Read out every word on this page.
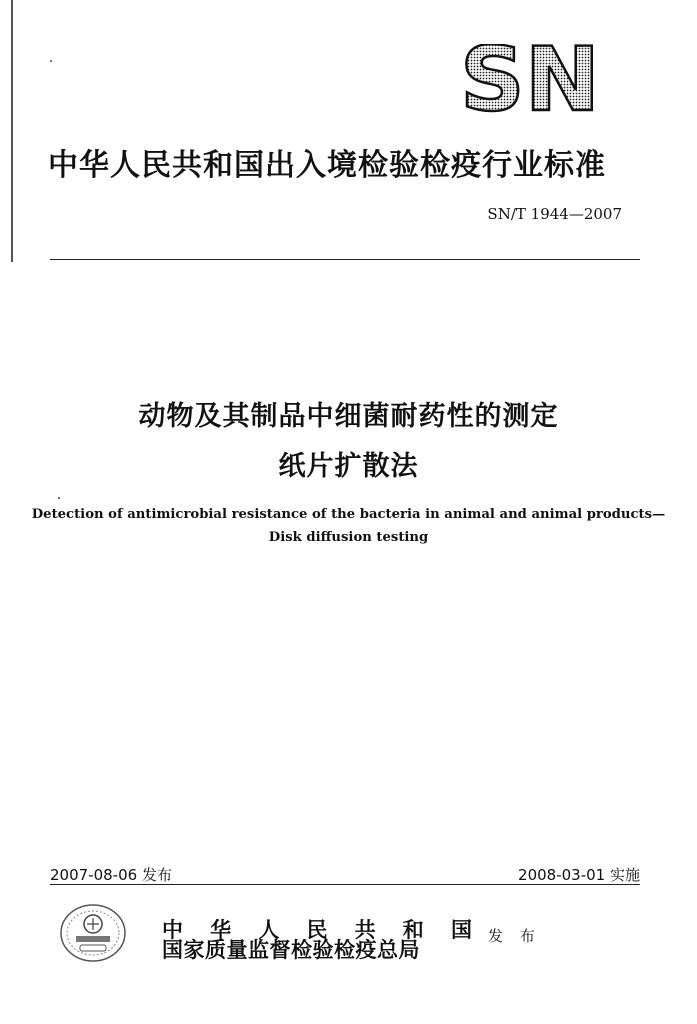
SN
中华人民共和国出入境检验检疫行业标准
SN/T 1944—2007
动物及其制品中细菌耐药性的测定
纸片扩散法
Detection of antimicrobial resistance of the bacteria in animal and animal products—
Disk diffusion testing
2007-08-06 发布	2008-03-01 实施
中 华 人 民 共 和 国
国家质量监督检验检疫总局
发 布
